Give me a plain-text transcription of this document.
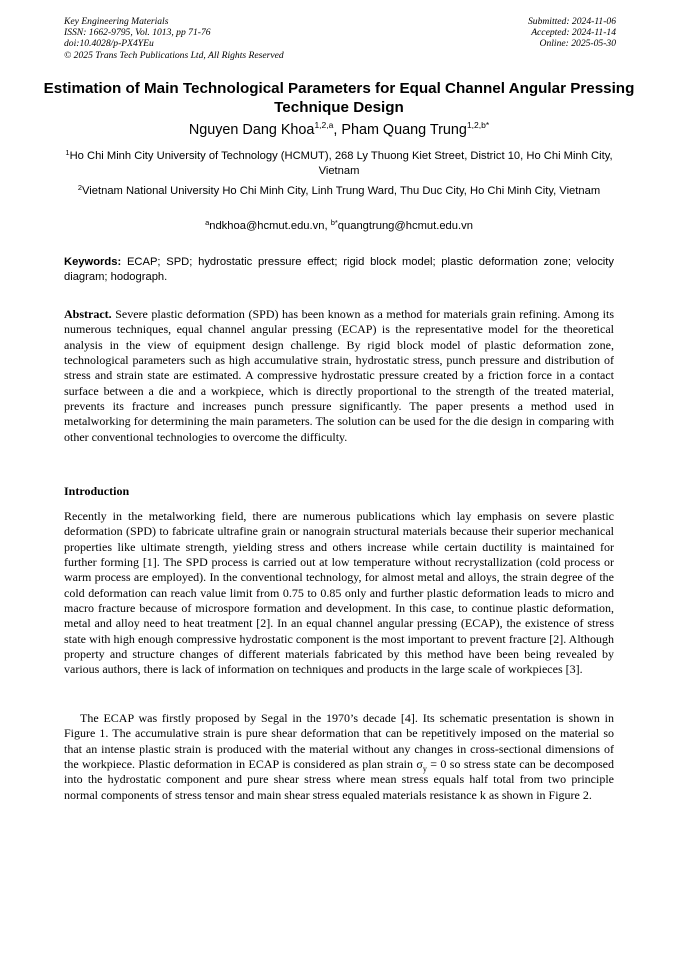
Key Engineering Materials
ISSN: 1662-9795, Vol. 1013, pp 71-76
doi:10.4028/p-PX4YEu
© 2025 Trans Tech Publications Ltd, All Rights Reserved
Submitted: 2024-11-06
Accepted: 2024-11-14
Online: 2025-05-30
Estimation of Main Technological Parameters for Equal Channel Angular Pressing Technique Design
Nguyen Dang Khoa$^{1,2,a}$, Pham Quang Trung$^{1,2,b*}$
$^1$Ho Chi Minh City University of Technology (HCMUT), 268 Ly Thuong Kiet Street, District 10, Ho Chi Minh City, Vietnam
$^2$Vietnam National University Ho Chi Minh City, Linh Trung Ward, Thu Duc City, Ho Chi Minh City, Vietnam
$^a$ndkhoa@hcmut.edu.vn, $^{b*}$quangtrung@hcmut.edu.vn
Keywords: ECAP; SPD; hydrostatic pressure effect; rigid block model; plastic deformation zone; velocity diagram; hodograph.
Abstract. Severe plastic deformation (SPD) has been known as a method for materials grain refining. Among its numerous techniques, equal channel angular pressing (ECAP) is the representative model for the theoretical analysis in the view of equipment design challenge. By rigid block model of plastic deformation zone, technological parameters such as high accumulative strain, hydrostatic stress, punch pressure and distribution of stress and strain state are estimated. A compressive hydrostatic pressure created by a friction force in a contact surface between a die and a workpiece, which is directly proportional to the strength of the treated material, prevents its fracture and increases punch pressure significantly. The paper presents a method used in metalworking for determining the main parameters. The solution can be used for the die design in comparing with other conventional technologies to overcome the difficulty.
Introduction
Recently in the metalworking field, there are numerous publications which lay emphasis on severe plastic deformation (SPD) to fabricate ultrafine grain or nanograin structural materials because their superior mechanical properties like ultimate strength, yielding stress and others increase while certain ductility is maintained for further forming [1]. The SPD process is carried out at low temperature without recrystallization (cold process or warm process are employed). In the conventional technology, for almost metal and alloys, the strain degree of the cold deformation can reach value limit from 0.75 to 0.85 only and further plastic deformation leads to micro and macro fracture because of microspore formation and development. In this case, to continue plastic deformation, metal and alloy need to heat treatment [2]. In an equal channel angular pressing (ECAP), the existence of stress state with high enough compressive hydrostatic component is the most important to prevent fracture [2]. Although property and structure changes of different materials fabricated by this method have been being revealed by various authors, there is lack of information on techniques and products in the large scale of workpieces [3].
The ECAP was firstly proposed by Segal in the 1970’s decade [4]. Its schematic presentation is shown in Figure 1. The accumulative strain is pure shear deformation that can be repetitively imposed on the material so that an intense plastic strain is produced with the material without any changes in cross-sectional dimensions of the workpiece. Plastic deformation in ECAP is considered as plan strain $\sigma_y = 0$ so stress state can be decomposed into the hydrostatic component and pure shear stress where mean stress equals half total from two principle normal components of stress tensor and main shear stress equaled materials resistance k as shown in Figure 2.
